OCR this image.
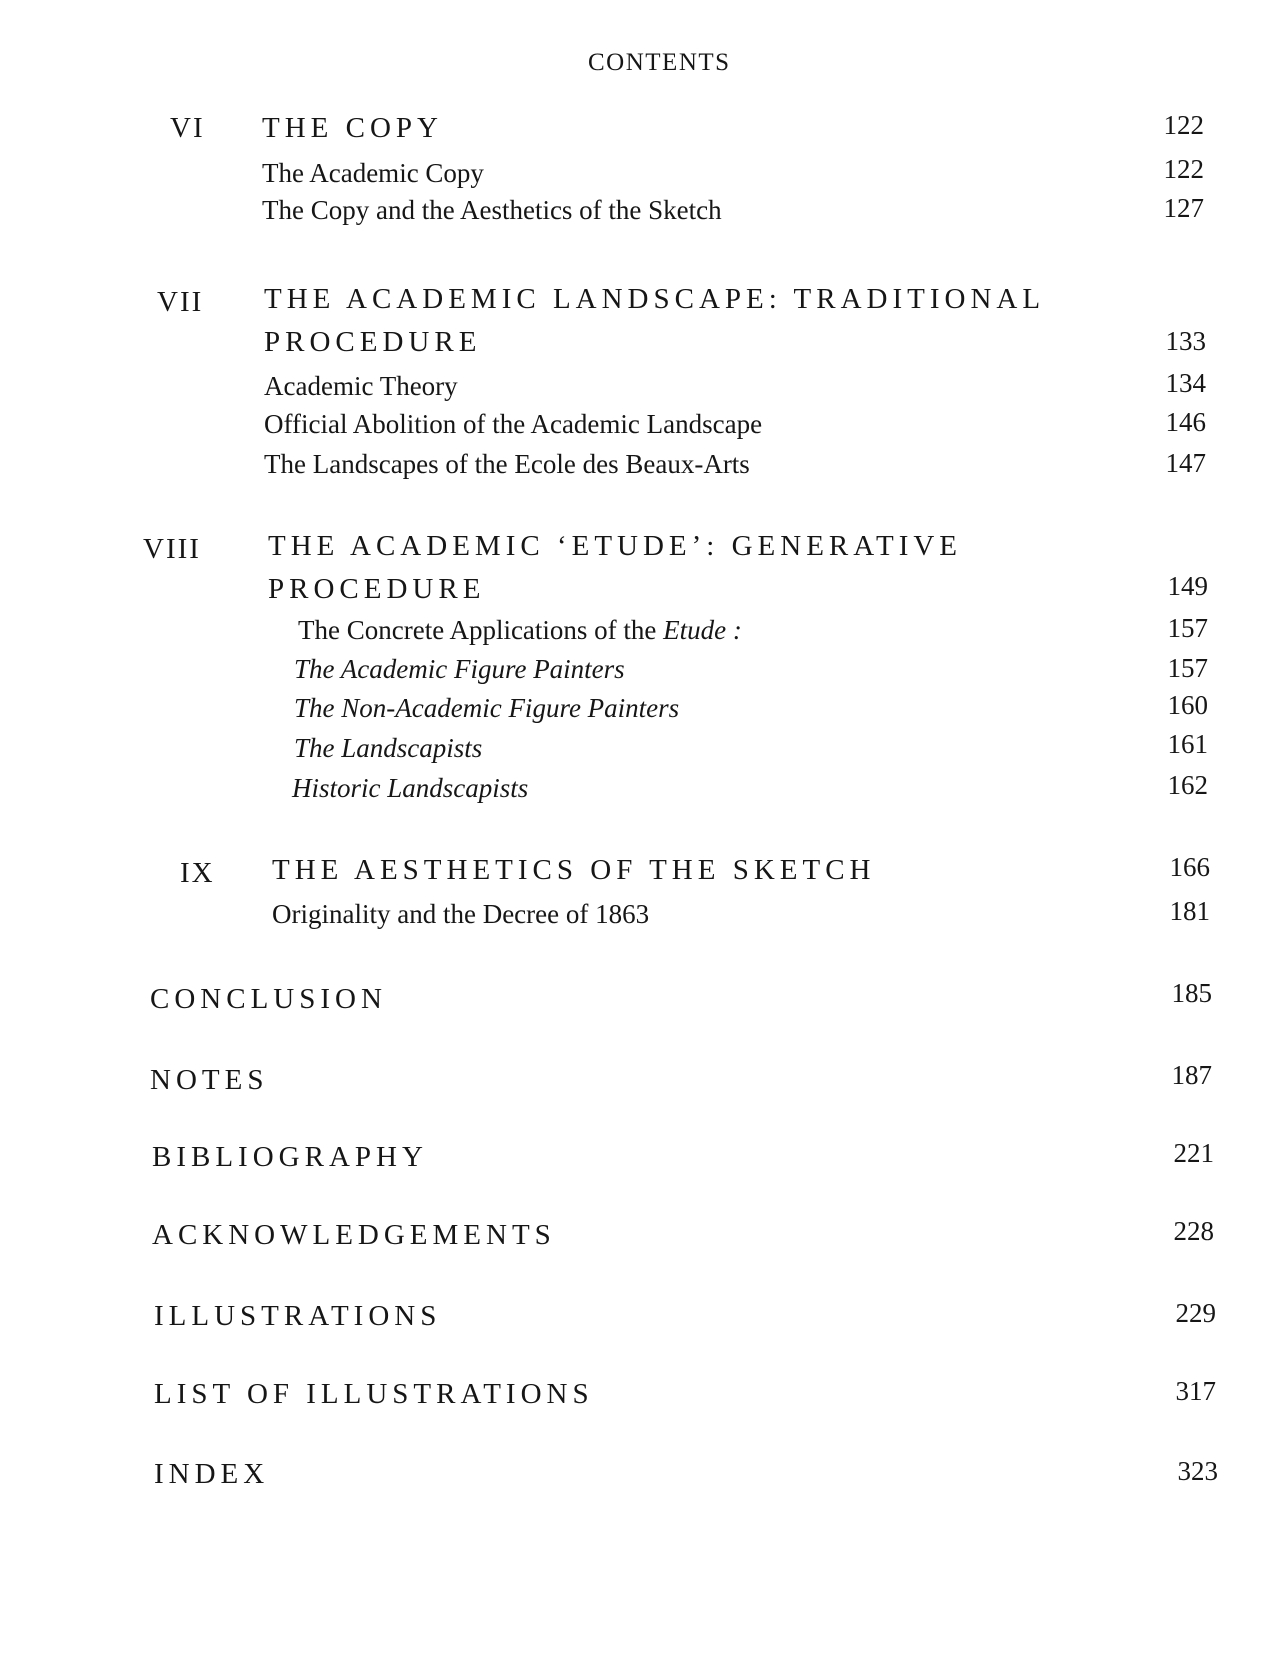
CONTENTS
VI THE COPY	122
The Academic Copy	122
The Copy and the Aesthetics of the Sketch	127
VII THE ACADEMIC LANDSCAPE: TRADITIONAL
PROCEDURE	133
Academic Theory	134
Official Abolition of the Academic Landscape	146
The Landscapes of the Ecole des Beaux-Arts	147
VIII THE ACADEMIC ‘ETUDE’: GENERATIVE
PROCEDURE	149
The Concrete Applications of the Etude :	157
The Academic Figure Painters	157
The Non-Academic Figure Painters	160
The Landscapists	161
Historic Landscapists	162
IX THE AESTHETICS OF THE SKETCH	166
Originality and the Decree of 1863	181
CONCLUSION	185
NOTES	187
BIBLIOGRAPHY	221
ACKNOWLEDGEMENTS	228
ILLUSTRATIONS	229
LIST OF ILLUSTRATIONS	317
INDEX	323
